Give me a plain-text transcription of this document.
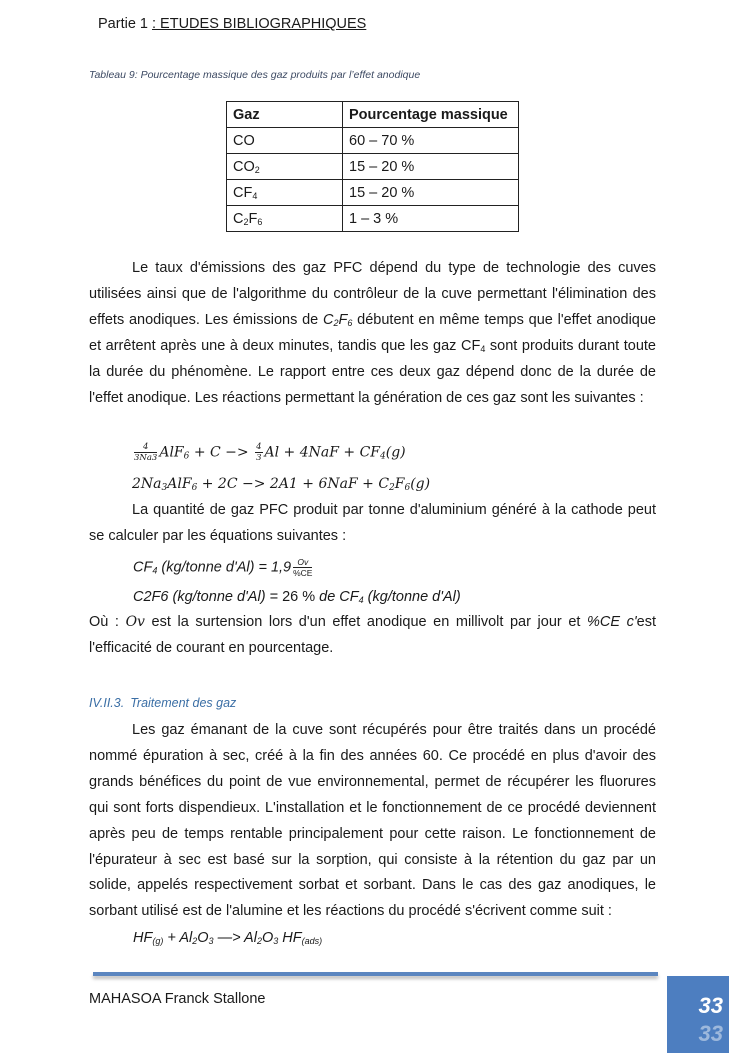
Partie 1 : ETUDES BIBLIOGRAPHIQUES
Tableau 9: Pourcentage massique des gaz produits par l’effet anodique
Gaz	Pourcentage massique
CO	60 – 70 %
$CO_2$	15 – 20 %
$CF_4$	15 – 20 %
$C_2F_6$	1 – 3 %
Le taux d'émissions des gaz PFC dépend du type de technologie des cuves utilisées ainsi que de l'algorithme du contrôleur de la cuve permettant l'élimination des effets anodiques. Les émissions de $C_2F_6$ débutent en même temps que l'effet anodique et arrêtent après une à deux minutes, tandis que les gaz $CF_4$ sont produits durant toute la durée du phénomène. Le rapport entre ces deux gaz dépend donc de la durée de l'effet anodique. Les réactions permettant la génération de ces gaz sont les suivantes :
$\frac{4}{3Na3} AlF_6 + C -> \frac{4}{3}$ $Al + 4NaF + CF_4(g)$
$2Na_3AlF_6 + 2C -> 2A1 + 6NaF + C_2F_6(g)$
La quantité de gaz PFC produit par tonne d'aluminium généré à la cathode peut se calculer par les équations suivantes :
$CF_4$ (kg/tonne $d'Al) = 1,9 \frac{Ov}{\%CE}$
C2F6 (kg/tonne d'Al) = 26 % de $CF_4$ (kg/tonne d'Al)
Où : Ov est la surtension lors d'un effet anodique en millivolt par jour et %CE c'est l'efficacité de courant en pourcentage.
IV.II.3. Traitement des gaz
Les gaz émanant de la cuve sont récupérés pour être traités dans un procédé nommé épuration à sec, créé à la fin des années 60. Ce procédé en plus d'avoir des grands bénéfices du point de vue environnemental, permet de récupérer les fluorures qui sont forts dispendieux. L'installation et le fonctionnement de ce procédé deviennent après peu de temps rentable principalement pour cette raison. Le fonctionnement de l'épurateur à sec est basé sur la sorption, qui consiste à la rétention du gaz par un solide, appelés respectivement sorbat et sorbant. Dans le cas des gaz anodiques, le sorbant utilisé est de l'alumine et les réactions du procédé s'écrivent comme suit :
$HF_{(g)} + Al_2O_3$ —> $Al_2O_3$ $HF_{(ads)}$
MAHASOA Franck Stallone	33
33
